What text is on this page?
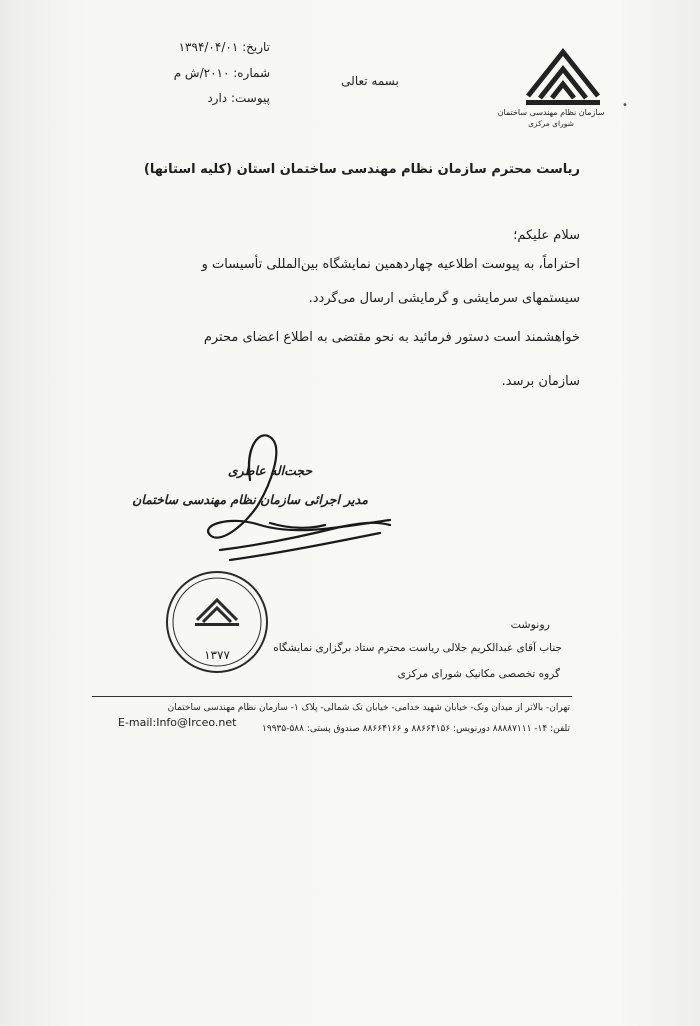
سازمان نظام مهندسی ساختمان
شورای مرکزی
بسمه تعالی
تاریخ: ۱۳۹۴/۰۴/۰۱
شماره: ۲۰۱۰/ش م
پیوست: دارد
•
ریاست محترم سازمان نظام مهندسی ساختمان استان (کلیه استانها)
سلام علیکم؛
احتراماً، به پیوست اطلاعیه چهاردهمین نمایشگاه بین‌المللی تأسیسات و
سیستمهای سرمایشی و گرمایشی ارسال می‌گردد.
خواهشمند است دستور فرمائید به نحو مقتضی به اطلاع اعضای محترم
سازمان برسد.
حجت‌اله عاطری
مدیر اجرائی سازمان نظام مهندسی ساختمان
۱۳۷۷
رونوشت
جناب آقای عبدالکریم جلالی ریاست محترم ستاد برگزاری نمایشگاه
گروه تخصصی مکانیک شورای مرکزی
تهران- بالاتر از میدان ونک- خیابان شهید خدامی- خیابان تک شمالی- پلاک ۱- سازمان نظام مهندسی ساختمان
E-mail:Info@Irceo.net	تلفن: ۱۴- ۸۸۸۸۷۱۱۱ دورنویس: ۸۸۶۶۴۱۵۶ و ۸۸۶۶۴۱۶۶ صندوق پستی: ۵۸۸-۱۹۹۳۵
